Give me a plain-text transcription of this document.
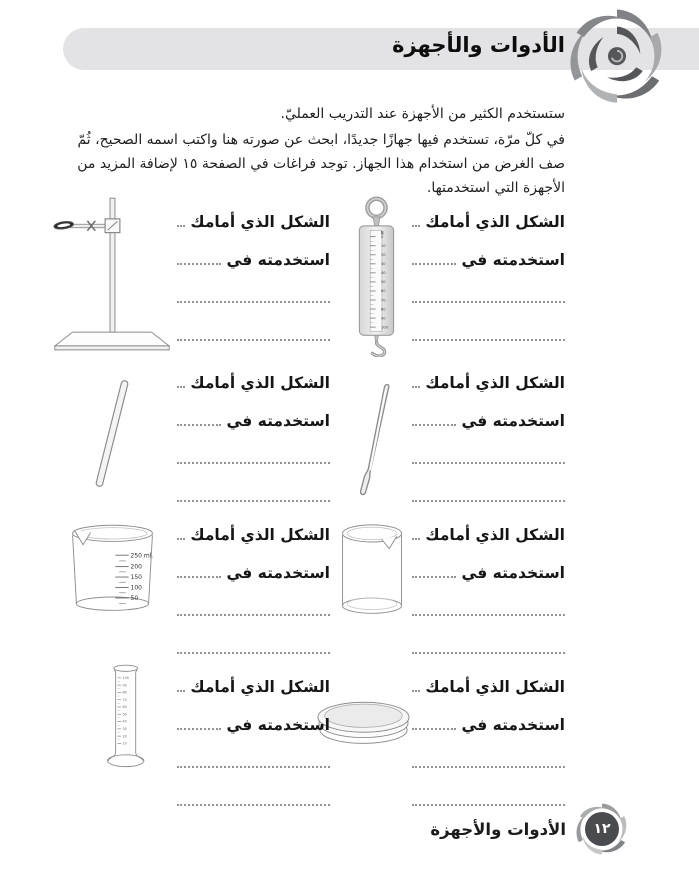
الأدوات والأجهزة
ستستخدم الكثير من الأجهزة عند التدريب العمليّ.
في كلّ مرّة، تستخدم فيها جهازًا جديدًا، ابحث عن صورته هنا واكتب اسمه الصحيح، ثُمّ صف الغرض من استخدام هذا الجهاز. توجد فراغات في الصفحة ١٥ لإضافة المزيد من الأجهزة التي استخدمتها.
الشكل الذي أمامك
استخدمته في
N
0
10
20
30
40
50
60
70
80
90
100
الشكل الذي أمامك
استخدمته في
الشكل الذي أمامك
استخدمته في
الشكل الذي أمامك
استخدمته في
الشكل الذي أمامك
استخدمته في
الشكل الذي أمامك
استخدمته في
250 ml.
200
150
100
50
الشكل الذي أمامك
استخدمته في
الشكل الذي أمامك
استخدمته في
100
90
80
70
60
50
40
30
20
10
١٢
الأدوات والأجهزة
